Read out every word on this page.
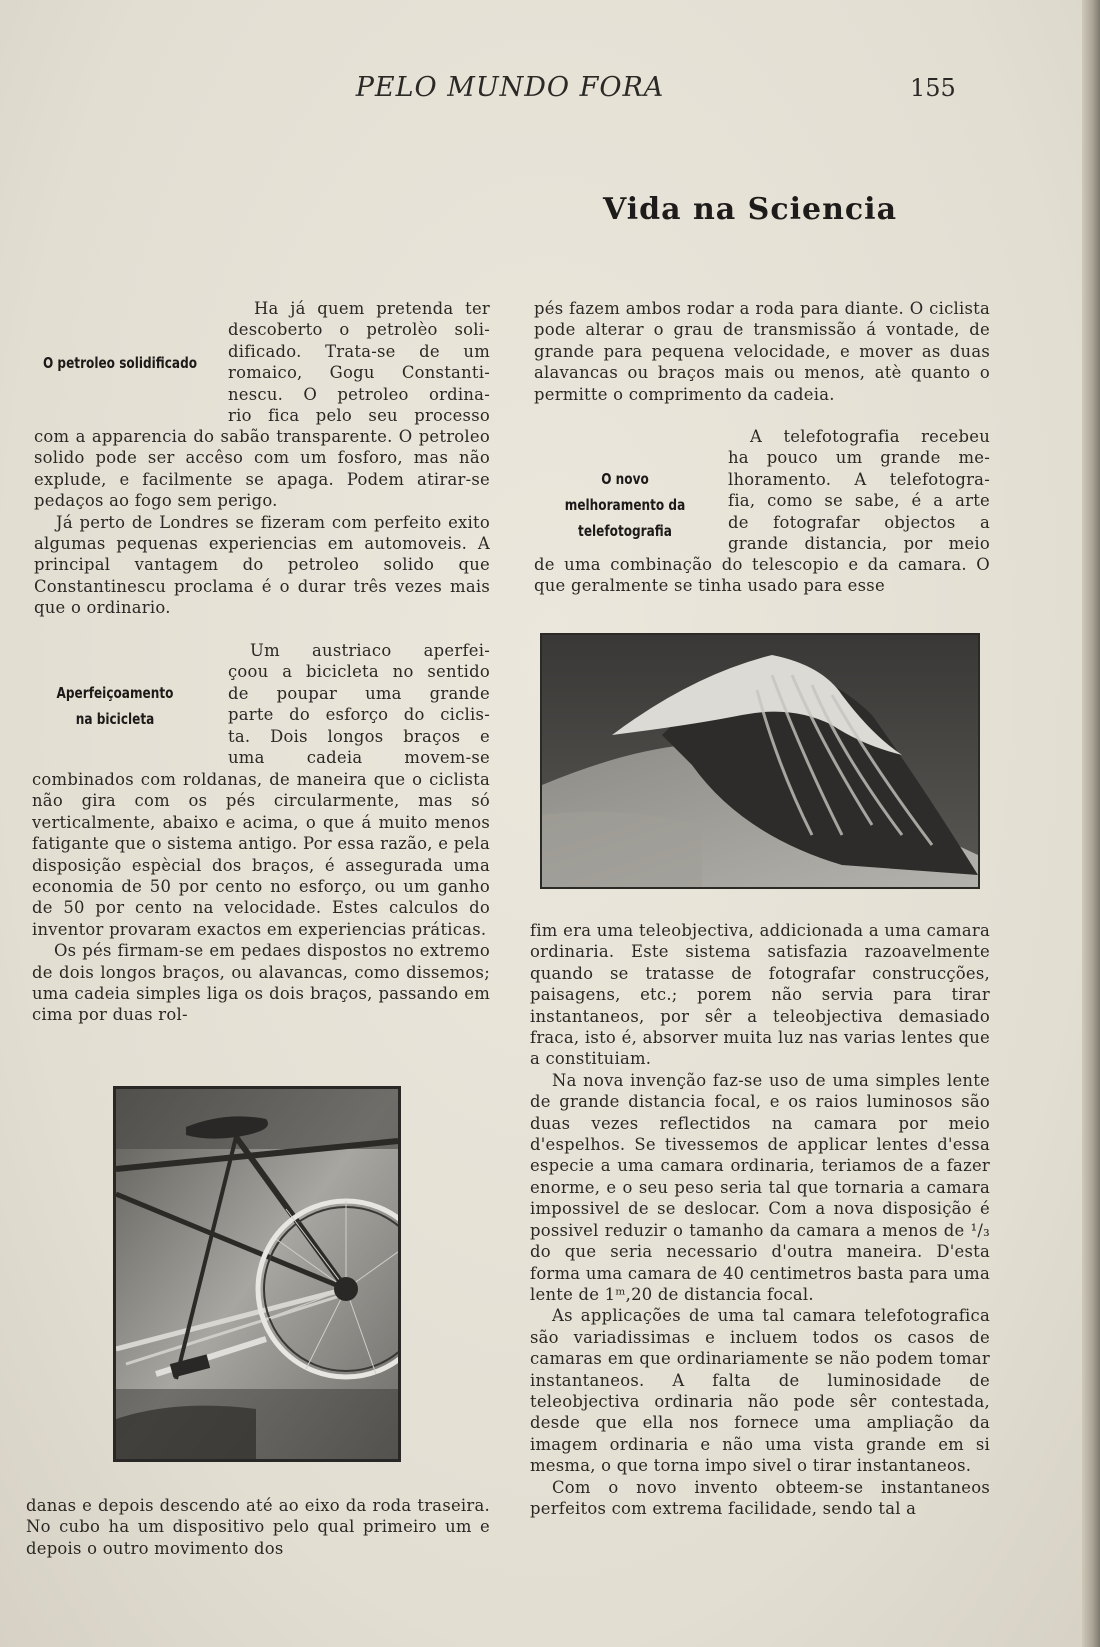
PELO MUNDO FORA	155
Vida na Sciencia
O petroleo solidificado

Ha já quem pretenda ter

descoberto o petrolèo soli-

dificado. Trata-se de um

romaico, Gogu Constanti-

nescu. O petroleo ordina-

rio fica pelo seu processo

com a apparencia do sabão transparente. O petroleo solido pode ser accêso com um fosforo, mas não explude, e facilmente se apaga. Podem atirar-se pedaços ao fogo sem perigo.

Já perto de Londres se fizeram com perfeito exito algumas pequenas experiencias em automoveis. A principal vantagem do petroleo solido que Constantinescu proclama é o durar três vezes mais que o ordinario.

Aperfeiçoamento na bicicleta

Um austriaco aperfei-

çoou a bicicleta no sentido

de poupar uma grande

parte do esforço do ciclis-

ta. Dois longos braços e

uma cadeia movem-se

combinados com roldanas, de maneira que o ciclista não gira com os pés circularmente, mas só verticalmente, abaixo e acima, o que á muito menos fatigante que o sistema antigo. Por essa razão, e pela disposição espècial dos braços, é assegurada uma economia de 50 por cento no esforço, ou um ganho de 50 por cento na velocidade. Estes calculos do inventor provaram exactos em experiencias práticas.

Os pés firmam-se em pedaes dispostos no extremo de dois longos braços, ou alavancas, como dissemos; uma cadeia simples liga os dois braços, passando em cima por duas rol-

danas e depois descendo até ao eixo da roda traseira. No cubo ha um dispositivo pelo qual primeiro um e depois o outro movimento dos

pés fazem ambos rodar a roda para diante. O ciclista pode alterar o grau de transmissão á vontade, de grande para pequena velocidade, e mover as duas alavancas ou braços mais ou menos, atè quanto o permitte o comprimento da cadeia.

O novo melhoramento da telefotografia

A telefotografia recebeu

ha pouco um grande me-

lhoramento. A telefotogra-

fia, como se sabe, é a arte

de fotografar objectos a

grande distancia, por meio

de uma combinação do telescopio e da camara. O que geralmente se tinha usado para esse

fim era uma teleobjectiva, addicionada a uma camara ordinaria. Este sistema satisfazia razoavelmente quando se tratasse de fotografar construcções, paisagens, etc.; porem não servia para tirar instantaneos, por sêr a teleobjectiva demasiado fraca, isto é, absorver muita luz nas varias lentes que a constituiam.

Na nova invenção faz-se uso de uma simples lente de grande distancia focal, e os raios luminosos são duas vezes reflectidos na camara por meio d'espelhos. Se tivessemos de applicar lentes d'essa especie a uma camara ordinaria, teriamos de a fazer enorme, e o seu peso seria tal que tornaria a camara impossivel de se deslocar. Com a nova disposição é possivel reduzir o tamanho da camara a menos de ¹/₃ do que seria necessario d'outra maneira. D'esta forma uma camara de 40 centimetros basta para uma lente de 1ᵐ,20 de distancia focal.

As applicações de uma tal camara telefotografica são variadissimas e incluem todos os casos de camaras em que ordinariamente se não podem tomar instantaneos. A falta de luminosidade de teleobjectiva ordinaria não pode sêr contestada, desde que ella nos fornece uma ampliação da imagem ordinaria e não uma vista grande em si mesma, o que torna impo sivel o tirar instantaneos.

Com o novo invento obteem-se instantaneos perfeitos com extrema facilidade, sendo tal a
